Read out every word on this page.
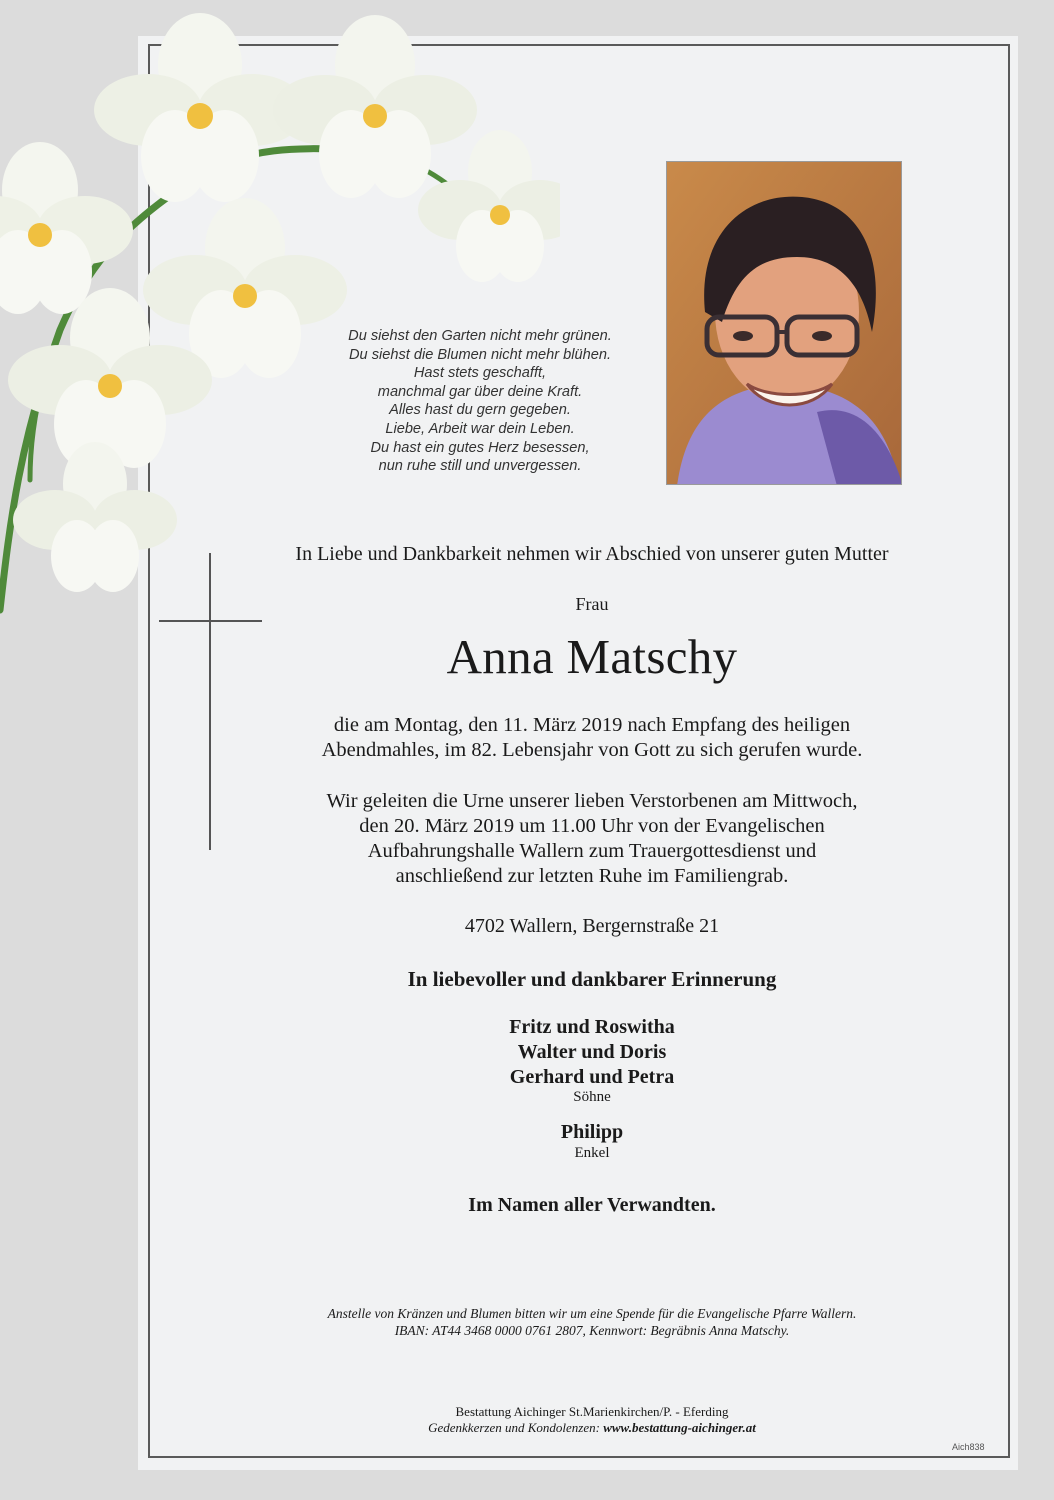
Du siehst den Garten nicht mehr grünen.
Du siehst die Blumen nicht mehr blühen.
Hast stets geschafft,
manchmal gar über deine Kraft.
Alles hast du gern gegeben.
Liebe, Arbeit war dein Leben.
Du hast ein gutes Herz besessen,
nun ruhe still und unvergessen.
In Liebe und Dankbarkeit nehmen wir Abschied von unserer guten Mutter
Frau
Anna Matschy
die am Montag, den 11. März 2019 nach Empfang des heiligen
Abendmahles, im 82. Lebensjahr von Gott zu sich gerufen wurde.
Wir geleiten die Urne unserer lieben Verstorbenen am Mittwoch,
den 20. März 2019 um 11.00 Uhr von der Evangelischen
Aufbahrungshalle Wallern zum Trauergottesdienst und
anschließend zur letzten Ruhe im Familiengrab.
4702 Wallern, Bergernstraße 21
In liebevoller und dankbarer Erinnerung
Fritz und Roswitha
Walter und Doris
Gerhard und Petra
Söhne
Philipp
Enkel
Im Namen aller Verwandten.
Anstelle von Kränzen und Blumen bitten wir um eine Spende für die Evangelische Pfarre Wallern.
IBAN: AT44 3468 0000 0761 2807, Kennwort: Begräbnis Anna Matschy.
Bestattung Aichinger St.Marienkirchen/P. - Eferding
Gedenkkerzen und Kondolenzen: www.bestattung-aichinger.at
Aich838
